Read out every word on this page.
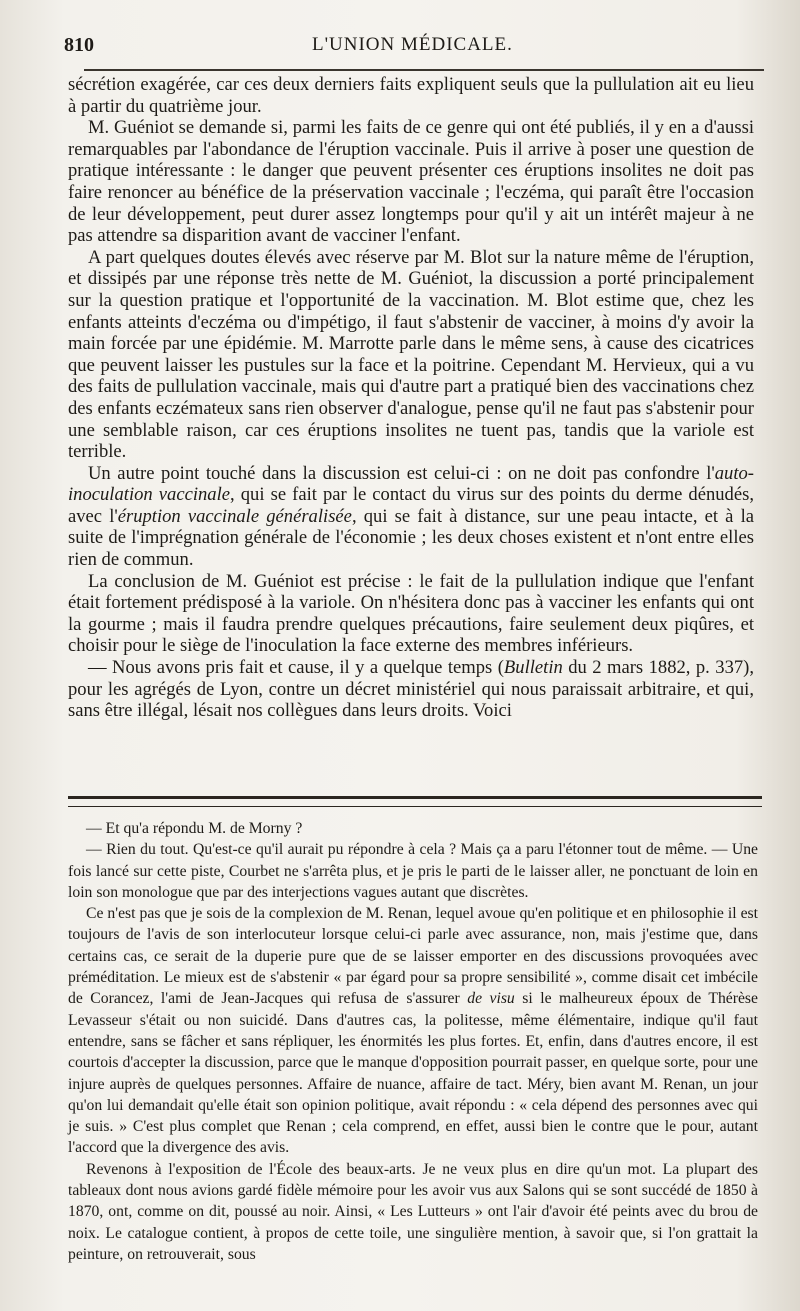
810	L'UNION MÉDICALE.

sécrétion exagérée, car ces deux derniers faits expliquent seuls que la pullulation ait eu lieu à partir du quatrième jour.

M. Guéniot se demande si, parmi les faits de ce genre qui ont été publiés, il y en a d'aussi remarquables par l'abondance de l'éruption vaccinale. Puis il arrive à poser une question de pratique intéressante : le danger que peuvent présenter ces éruptions insolites ne doit pas faire renoncer au bénéfice de la préservation vaccinale ; l'eczéma, qui paraît être l'occasion de leur développement, peut durer assez longtemps pour qu'il y ait un intérêt majeur à ne pas attendre sa disparition avant de vacciner l'enfant.

A part quelques doutes élevés avec réserve par M. Blot sur la nature même de l'éruption, et dissipés par une réponse très nette de M. Guéniot, la discussion a porté principalement sur la question pratique et l'opportunité de la vaccination. M. Blot estime que, chez les enfants atteints d'eczéma ou d'impétigo, il faut s'abstenir de vacciner, à moins d'y avoir la main forcée par une épidémie. M. Marrotte parle dans le même sens, à cause des cicatrices que peuvent laisser les pustules sur la face et la poitrine. Cependant M. Hervieux, qui a vu des faits de pullulation vaccinale, mais qui d'autre part a pratiqué bien des vaccinations chez des enfants eczémateux sans rien observer d'analogue, pense qu'il ne faut pas s'abstenir pour une semblable raison, car ces éruptions insolites ne tuent pas, tandis que la variole est terrible.

Un autre point touché dans la discussion est celui-ci : on ne doit pas confondre l'auto-inoculation vaccinale, qui se fait par le contact du virus sur des points du derme dénudés, avec l'éruption vaccinale généralisée, qui se fait à distance, sur une peau intacte, et à la suite de l'imprégnation générale de l'économie ; les deux choses existent et n'ont entre elles rien de commun.

La conclusion de M. Guéniot est précise : le fait de la pullulation indique que l'enfant était fortement prédisposé à la variole. On n'hésitera donc pas à vacciner les enfants qui ont la gourme ; mais il faudra prendre quelques précautions, faire seulement deux piqûres, et choisir pour le siège de l'inoculation la face externe des membres inférieurs.

— Nous avons pris fait et cause, il y a quelque temps (Bulletin du 2 mars 1882, p. 337), pour les agrégés de Lyon, contre un décret ministériel qui nous paraissait arbitraire, et qui, sans être illégal, lésait nos collègues dans leurs droits. Voici

— Et qu'a répondu M. de Morny ?

— Rien du tout. Qu'est-ce qu'il aurait pu répondre à cela ? Mais ça a paru l'étonner tout de même. — Une fois lancé sur cette piste, Courbet ne s'arrêta plus, et je pris le parti de le laisser aller, ne ponctuant de loin en loin son monologue que par des interjections vagues autant que discrètes.

Ce n'est pas que je sois de la complexion de M. Renan, lequel avoue qu'en politique et en philosophie il est toujours de l'avis de son interlocuteur lorsque celui-ci parle avec assurance, non, mais j'estime que, dans certains cas, ce serait de la duperie pure que de se laisser emporter en des discussions provoquées avec préméditation. Le mieux est de s'abstenir « par égard pour sa propre sensibilité », comme disait cet imbécile de Corancez, l'ami de Jean-Jacques qui refusa de s'assurer de visu si le malheureux époux de Thérèse Levasseur s'était ou non suicidé. Dans d'autres cas, la politesse, même élémentaire, indique qu'il faut entendre, sans se fâcher et sans répliquer, les énormités les plus fortes. Et, enfin, dans d'autres encore, il est courtois d'accepter la discussion, parce que le manque d'opposition pourrait passer, en quelque sorte, pour une injure auprès de quelques personnes. Affaire de nuance, affaire de tact. Méry, bien avant M. Renan, un jour qu'on lui demandait qu'elle était son opinion politique, avait répondu : « cela dépend des personnes avec qui je suis. » C'est plus complet que Renan ; cela comprend, en effet, aussi bien le contre que le pour, autant l'accord que la divergence des avis.

Revenons à l'exposition de l'École des beaux-arts. Je ne veux plus en dire qu'un mot. La plupart des tableaux dont nous avions gardé fidèle mémoire pour les avoir vus aux Salons qui se sont succédé de 1850 à 1870, ont, comme on dit, poussé au noir. Ainsi, « Les Lutteurs » ont l'air d'avoir été peints avec du brou de noix. Le catalogue contient, à propos de cette toile, une singulière mention, à savoir que, si l'on grattait la peinture, on retrouverait, sous
